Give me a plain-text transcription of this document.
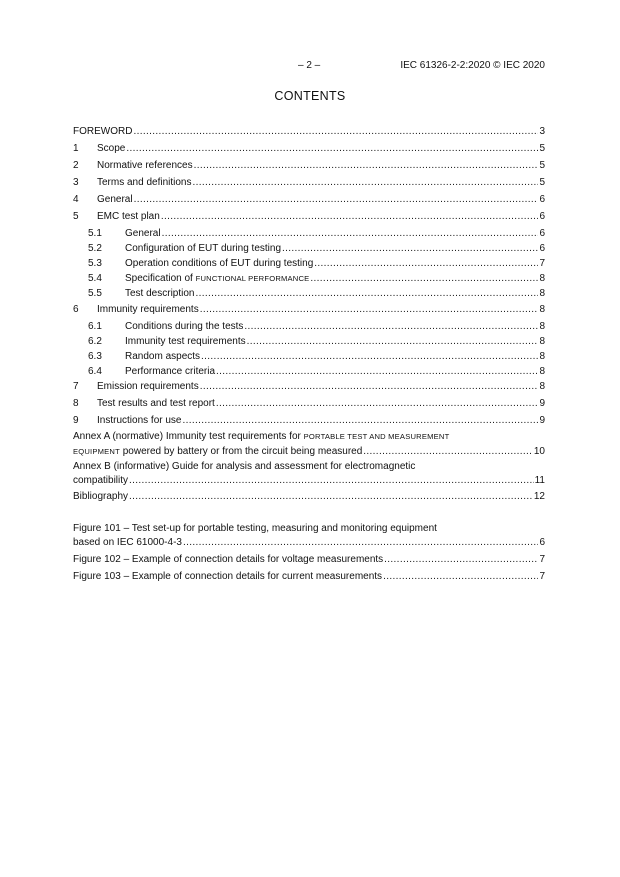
– 2 –	IEC 61326-2-2:2020 © IEC 2020
CONTENTS
FOREWORD .....	3
1	Scope .....	5
2	Normative references .....	5
3	Terms and definitions .....	5
4	General .....	6
5	EMC test plan .....	6
5.1	General .....	6
5.2	Configuration of EUT during testing .....	6
5.3	Operation conditions of EUT during testing .....	7
5.4	Specification of FUNCTIONAL PERFORMANCE .....	8
5.5	Test description .....	8
6	Immunity requirements .....	8
6.1	Conditions during the tests .....	8
6.2	Immunity test requirements .....	8
6.3	Random aspects .....	8
6.4	Performance criteria .....	8
7	Emission requirements .....	8
8	Test results and test report .....	9
9	Instructions for use .....	9
Annex A (normative) Immunity test requirements for PORTABLE TEST AND MEASUREMENT
EQUIPMENT powered by battery or from the circuit being measured .....	10
Annex B (informative) Guide for analysis and assessment for electromagnetic
compatibility .....	11
Bibliography .....	12
Figure 101 – Test set-up for portable testing, measuring and monitoring equipment
based on IEC 61000-4-3 .....	6
Figure 102 – Example of connection details for voltage measurements .....	7
Figure 103 – Example of connection details for current measurements .....	7
